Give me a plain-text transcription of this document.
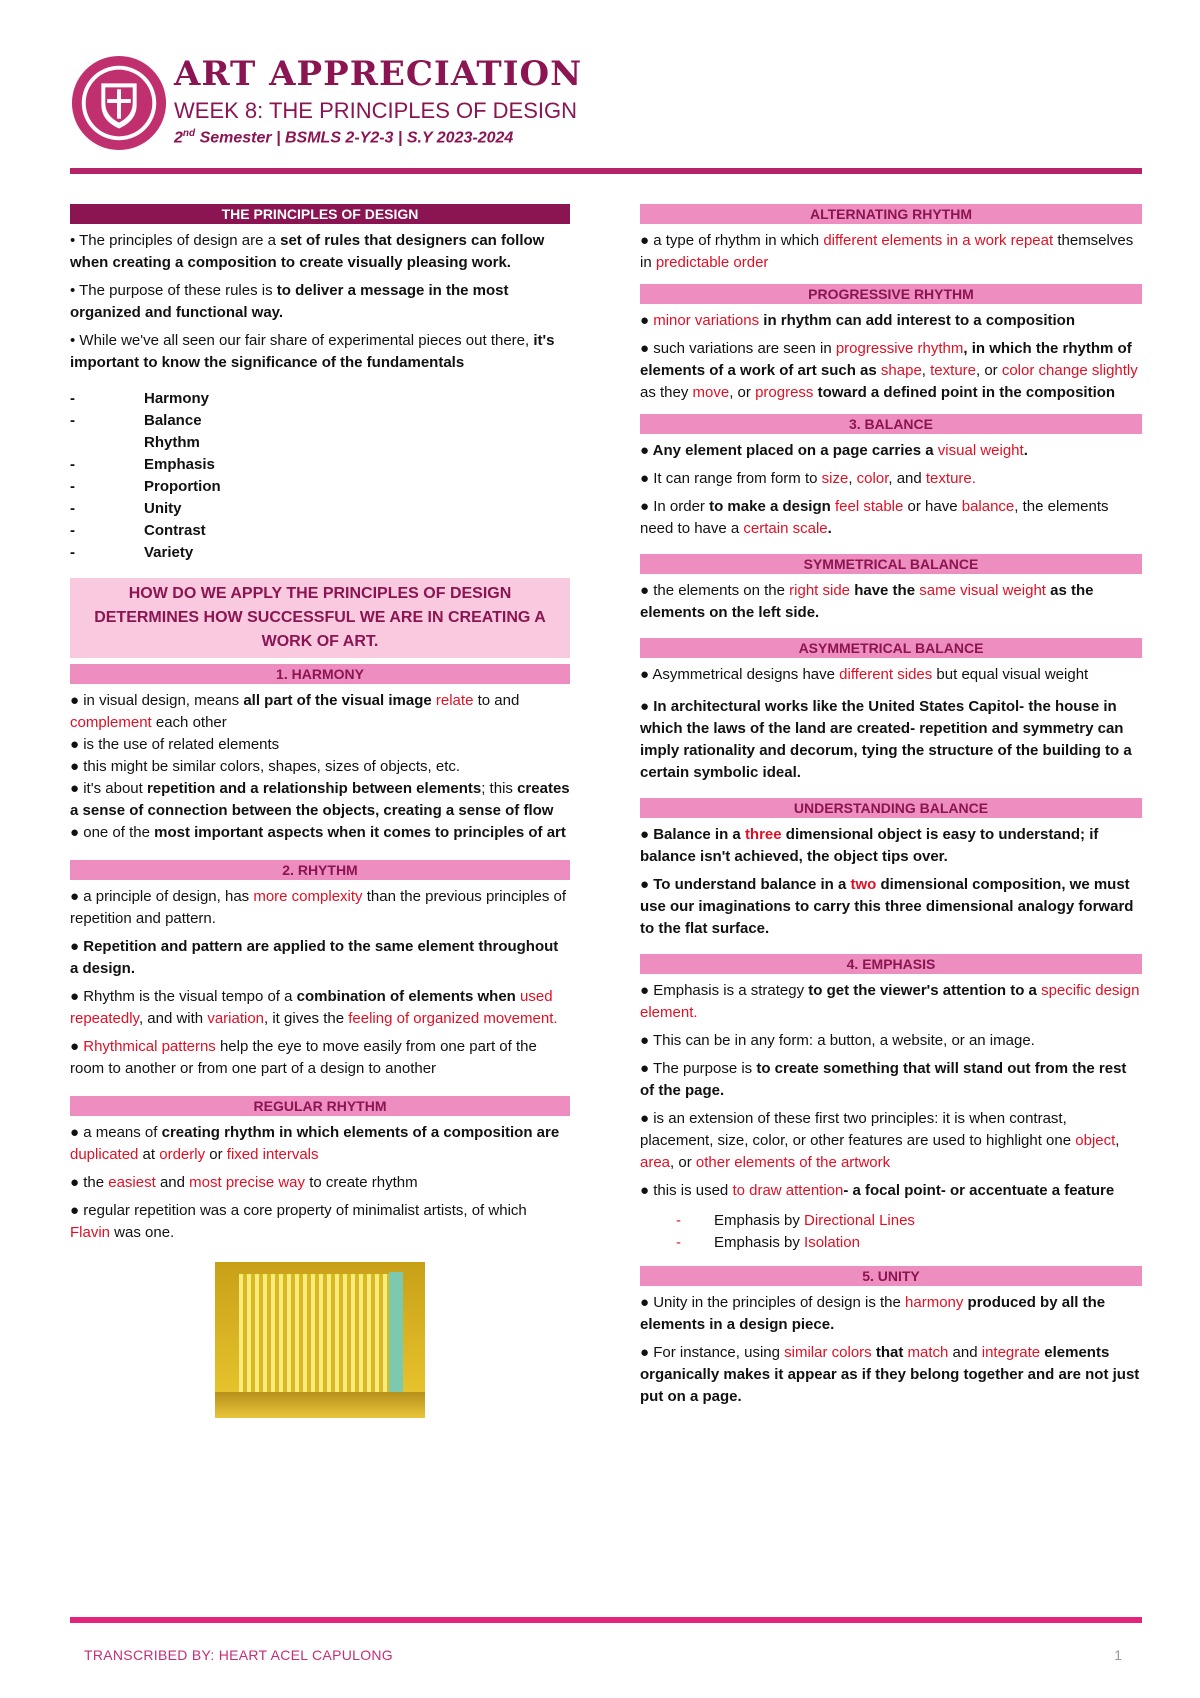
ART APPRECIATION
WEEK 8: THE PRINCIPLES OF DESIGN
2nd Semester | BSMLS 2-Y2-3 | S.Y 2023-2024
THE PRINCIPLES OF DESIGN

• The principles of design are a set of rules that designers can follow when creating a composition to create visually pleasing work.

• The purpose of these rules is to deliver a message in the most organized and functional way.

• While we've all seen our fair share of experimental pieces out there, it's important to know the significance of the fundamentals

-	Harmony
-	Balance
Rhythm
-	Emphasis
-	Proportion
-	Unity
-	Contrast
-	Variety
HOW DO WE APPLY THE PRINCIPLES OF DESIGN DETERMINES HOW SUCCESSFUL WE ARE IN CREATING A WORK OF ART.
1. HARMONY

● in visual design, means all part of the visual image relate to and complement each other

● is the use of related elements

● this might be similar colors, shapes, sizes of objects, etc.

● it's about repetition and a relationship between elements; this creates a sense of connection between the objects, creating a sense of flow

● one of the most important aspects when it comes to principles of art

2. RHYTHM

● a principle of design, has more complexity than the previous principles of repetition and pattern.

● Repetition and pattern are applied to the same element throughout a design.

● Rhythm is the visual tempo of a combination of elements when used repeatedly, and with variation, it gives the feeling of organized movement.

● Rhythmical patterns help the eye to move easily from one part of the room to another or from one part of a design to another

REGULAR RHYTHM

● a means of creating rhythm in which elements of a composition are duplicated at orderly or fixed intervals

● the easiest and most precise way to create rhythm

● regular repetition was a core property of minimalist artists, of which Flavin was one.

ALTERNATING RHYTHM

● a type of rhythm in which different elements in a work repeat themselves in predictable order

PROGRESSIVE RHYTHM

● minor variations in rhythm can add interest to a composition

● such variations are seen in progressive rhythm, in which the rhythm of elements of a work of art such as shape, texture, or color change slightly as they move, or progress toward a defined point in the composition

3. BALANCE

● Any element placed on a page carries a visual weight.

● It can range from form to size, color, and texture.

● In order to make a design feel stable or have balance, the elements need to have a certain scale.

SYMMETRICAL BALANCE

● the elements on the right side have the same visual weight as the elements on the left side.

ASYMMETRICAL BALANCE

● Asymmetrical designs have different sides but equal visual weight

● In architectural works like the United States Capitol- the house in which the laws of the land are created- repetition and symmetry can imply rationality and decorum, tying the structure of the building to a certain symbolic ideal.

UNDERSTANDING BALANCE

● Balance in a three dimensional object is easy to understand; if balance isn't achieved, the object tips over.

● To understand balance in a two dimensional composition, we must use our imaginations to carry this three dimensional analogy forward to the flat surface.

4. EMPHASIS

● Emphasis is a strategy to get the viewer's attention to a specific design element.

● This can be in any form: a button, a website, or an image.

● The purpose is to create something that will stand out from the rest of the page.

● is an extension of these first two principles: it is when contrast, placement, size, color, or other features are used to highlight one object, area, or other elements of the artwork

● this is used to draw attention- a focal point- or accentuate a feature

- Emphasis by Directional Lines
- Emphasis by Isolation
5. UNITY

● Unity in the principles of design is the harmony produced by all the elements in a design piece.

● For instance, using similar colors that match and integrate elements organically makes it appear as if they belong together and are not just put on a page.

TRANSCRIBED BY: HEART ACEL CAPULONG	1
